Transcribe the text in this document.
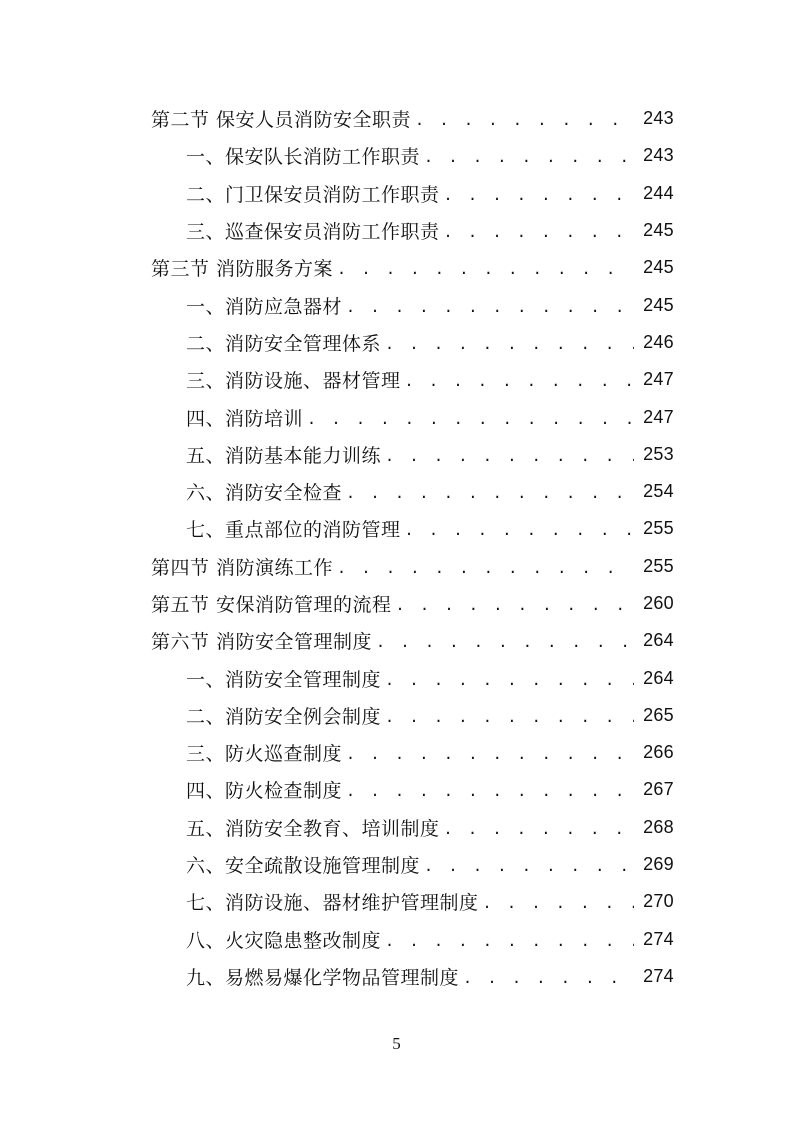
第二节 保安人员消防安全职责 . . .	243
一、保安队长消防工作职责 . . .	243
二、门卫保安员消防工作职责 . . .	244
三、巡查保安员消防工作职责 . . .	245
第三节 消防服务方案 . . .	245
一、消防应急器材 . . .	245
二、消防安全管理体系 . . .	246
三、消防设施、器材管理 . . .	247
四、消防培训 . . .	247
五、消防基本能力训练 . . .	253
六、消防安全检查 . . .	254
七、重点部位的消防管理 . . .	255
第四节 消防演练工作 . . .	255
第五节 安保消防管理的流程 . . .	260
第六节 消防安全管理制度 . . .	264
一、消防安全管理制度 . . .	264
二、消防安全例会制度 . . .	265
三、防火巡查制度 . . .	266
四、防火检查制度 . . .	267
五、消防安全教育、培训制度 . . .	268
六、安全疏散设施管理制度 . . .	269
七、消防设施、器材维护管理制度 . . .	270
八、火灾隐患整改制度 . . .	274
九、易燃易爆化学物品管理制度 . . .	274
5
